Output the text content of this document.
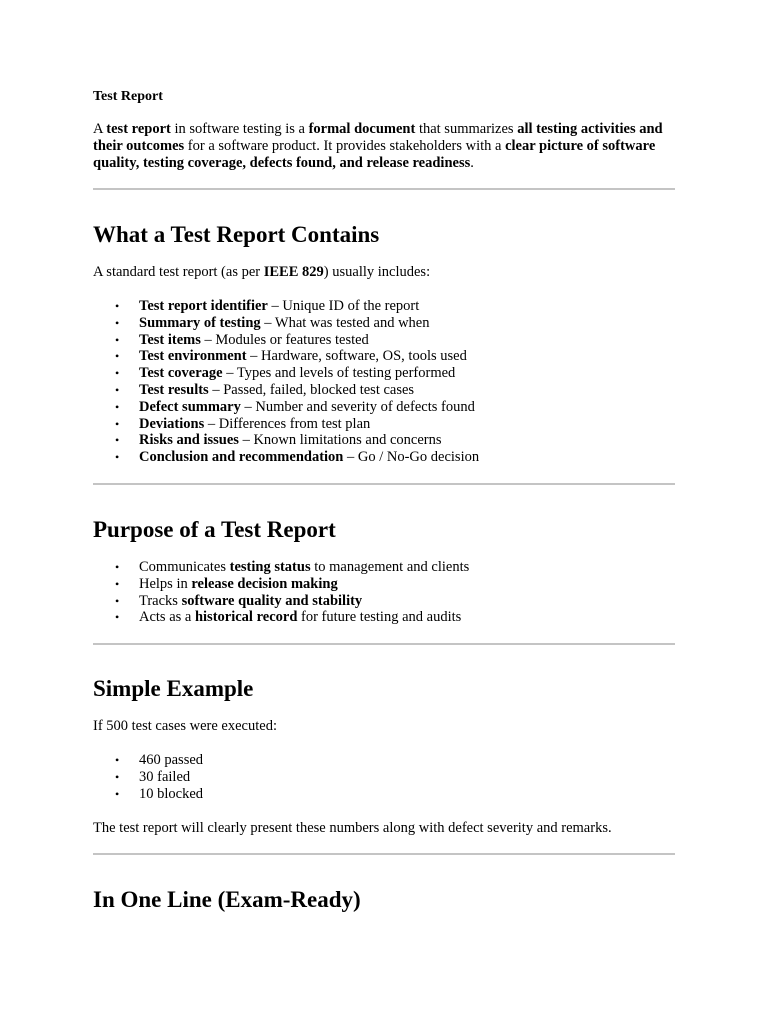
Test Report

A test report in software testing is a formal document that summarizes all testing activities and their outcomes for a software product. It provides stakeholders with a clear picture of software quality, testing coverage, defects found, and release readiness.

What a Test Report Contains

A standard test report (as per IEEE 829) usually includes:

• Test report identifier – Unique ID of the report
• Summary of testing – What was tested and when
• Test items – Modules or features tested
• Test environment – Hardware, software, OS, tools used
• Test coverage – Types and levels of testing performed
• Test results – Passed, failed, blocked test cases
• Defect summary – Number and severity of defects found
• Deviations – Differences from test plan
• Risks and issues – Known limitations and concerns
• Conclusion and recommendation – Go / No-Go decision
Purpose of a Test Report
• Communicates testing status to management and clients
• Helps in release decision making
• Tracks software quality and stability
• Acts as a historical record for future testing and audits
Simple Example

If 500 test cases were executed:

• 460 passed
• 30 failed
• 10 blocked

The test report will clearly present these numbers along with defect severity and remarks.

In One Line (Exam-Ready)
